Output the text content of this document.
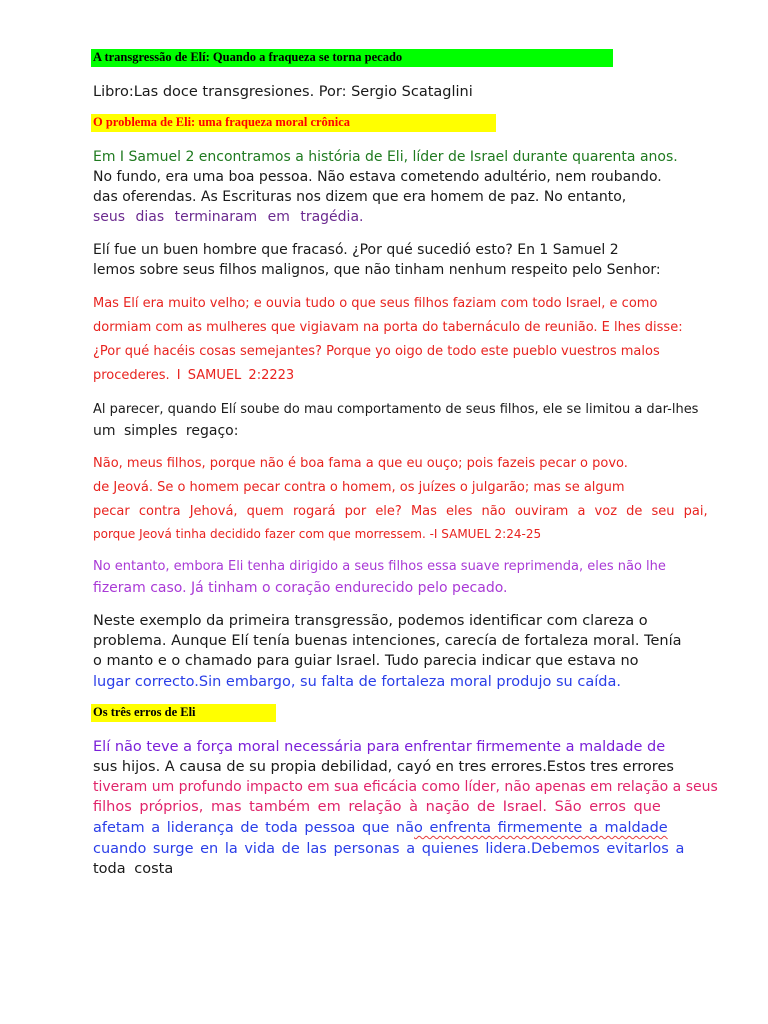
A transgressão de Elí: Quando a fraqueza se torna pecado
Libro:Las doce transgresiones. Por: Sergio Scataglini
O problema de Eli: uma fraqueza moral crônica
Em I Samuel 2 encontramos a história de Eli, líder de Israel durante quarenta anos.
No fundo, era uma boa pessoa. Não estava cometendo adultério, nem roubando.
das oferendas. As Escrituras nos dizem que era homem de paz. No entanto,
seus dias terminaram em tragédia.
Elí fue un buen hombre que fracasó. ¿Por qué sucedió esto? En 1 Samuel 2
lemos sobre seus filhos malignos, que não tinham nenhum respeito pelo Senhor:
Mas Elí era muito velho; e ouvia tudo o que seus filhos faziam com todo Israel, e como
dormiam com as mulheres que vigiavam na porta do tabernáculo de reunião. E lhes disse:
¿Por qué hacéis cosas semejantes? Porque yo oigo de todo este pueblo vuestros malos
procederes. I SAMUEL 2:2223
Al parecer, quando Elí soube do mau comportamento de seus filhos, ele se limitou a dar-lhes
um simples regaço:
Não, meus filhos, porque não é boa fama a que eu ouço; pois fazeis pecar o povo.
de Jeová. Se o homem pecar contra o homem, os juízes o julgarão; mas se algum
pecar contra Jehová, quem rogará por ele? Mas eles não ouviram a voz de seu pai,
porque Jeová tinha decidido fazer com que morressem. -I SAMUEL 2:24-25
No entanto, embora Eli tenha dirigido a seus filhos essa suave reprimenda, eles não lhe
fizeram caso. Já tinham o coração endurecido pelo pecado.
Neste exemplo da primeira transgressão, podemos identificar com clareza o
problema. Aunque Elí tenía buenas intenciones, carecía de fortaleza moral. Tenía
o manto e o chamado para guiar Israel. Tudo parecia indicar que estava no
lugar correcto.Sin embargo, su falta de fortaleza moral produjo su caída.
Os três erros de Eli
Elí não teve a força moral necessária para enfrentar firmemente a maldade de
sus hijos. A causa de su propia debilidad, cayó en tres errores.Estos tres errores
tiveram um profundo impacto em sua eficácia como líder, não apenas em relação a seus
filhos próprios, mas também em relação à nação de Israel. São erros que
afetam a liderança de toda pessoa que não enfrenta firmemente a maldade
cuando surge en la vida de las personas a quienes lidera.Debemos evitarlos a
toda costa
